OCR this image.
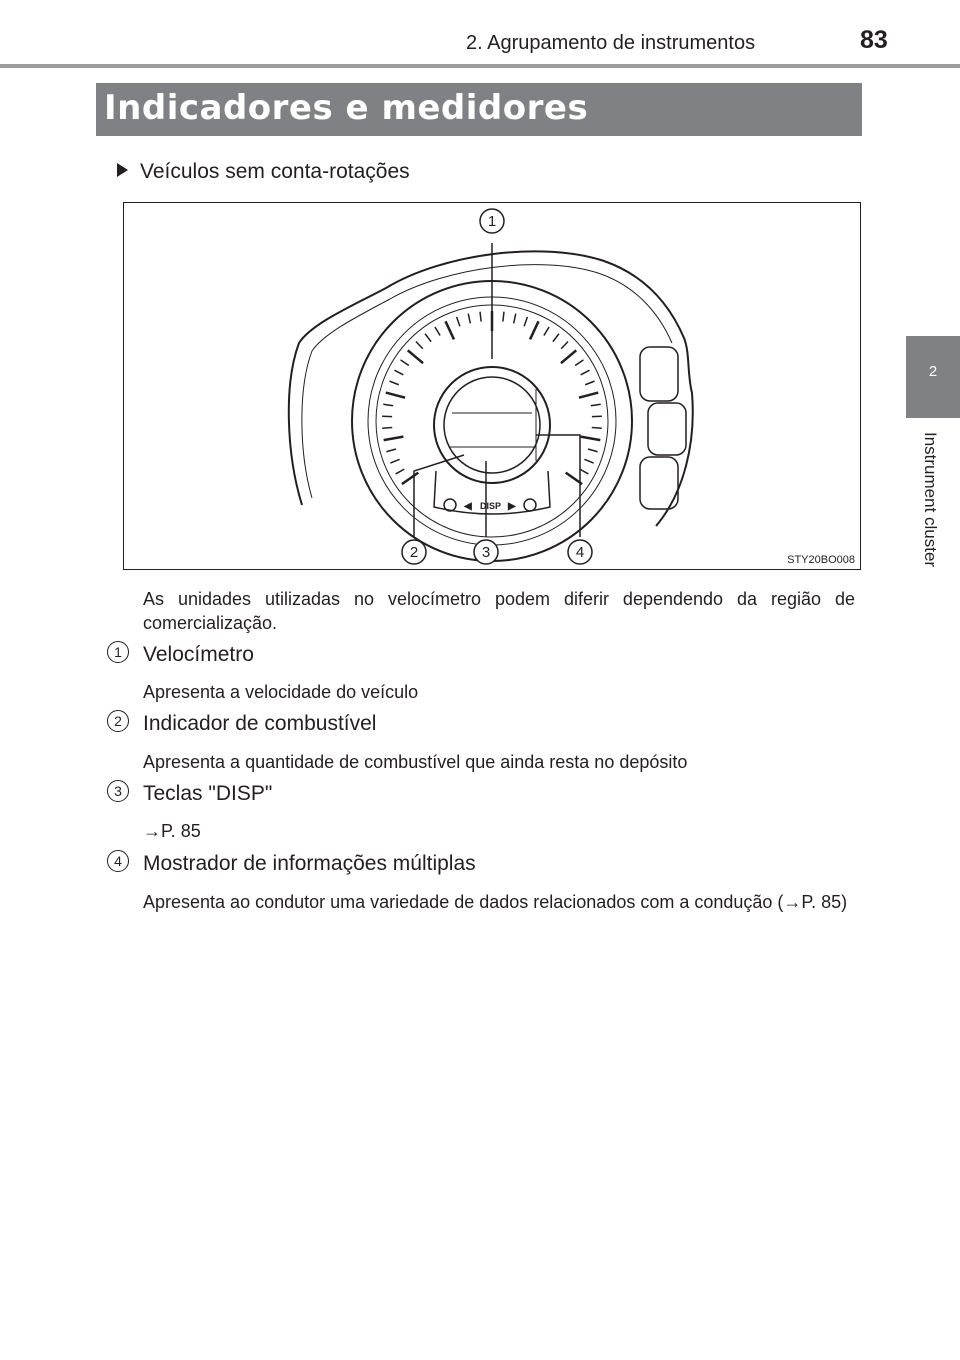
2. Agrupamento de instrumentos	83
Indicadores e medidores
2
Instrument cluster
Veículos sem conta-rotações
◀ DISP ▶
1
2	3	4	STY20BO008
As unidades utilizadas no velocímetro podem diferir dependendo da região de comercialização.
1	Velocímetro
Apresenta a velocidade do veículo
2	Indicador de combustível
Apresenta a quantidade de combustível que ainda resta no depósito
3	Teclas "DISP"
→P. 85
4	Mostrador de informações múltiplas
Apresenta ao condutor uma variedade de dados relacionados com a condução (→P. 85)
